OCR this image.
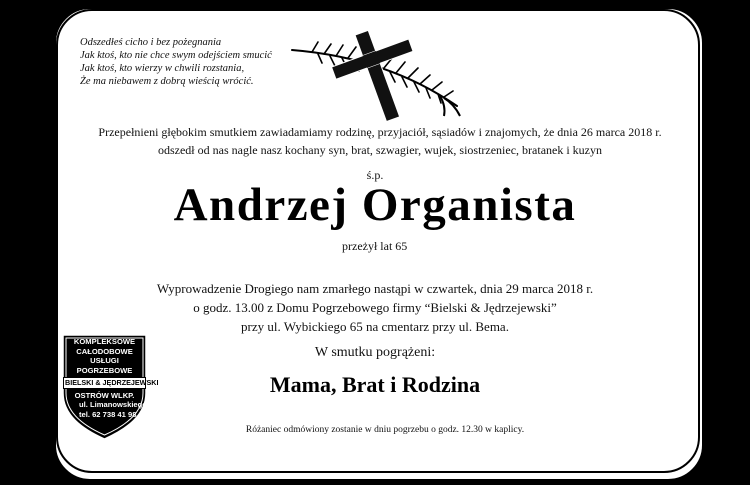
Odszedłeś cicho i bez pożegnania
Jak ktoś, kto nie chce swym odejściem smucić
Jak ktoś, kto wierzy w chwili rozstania,
Że ma niebawem z dobrą wieścią wrócić.
Przepełnieni głębokim smutkiem zawiadamiamy rodzinę, przyjaciół, sąsiadów i znajomych, że dnia 26 marca 2018 r.
odszedł od nas nagle nasz kochany syn, brat, szwagier, wujek, siostrzeniec, bratanek i kuzyn
ś.p.
Andrzej Organista
przeżył lat 65
Wyprowadzenie Drogiego nam zmarłego nastąpi w czwartek, dnia 29 marca 2018 r.
o godz. 13.00 z Domu Pogrzebowego firmy “Bielski & Jędrzejewski”
przy ul. Wybickiego 65 na cmentarz przy ul. Bema.
W smutku pogrążeni:
Mama, Brat i Rodzina
Różaniec odmówiony zostanie w dniu pogrzebu o godz. 12.30 w kaplicy.
KOMPLEKSOWE
CAŁODOBOWE
USŁUGI
POGRZEBOWE
BIELSKI & JĘDRZEJEWSKI
OSTRÓW WLKP.
ul. Limanowskiego 27
tel. 62 738 41 98
